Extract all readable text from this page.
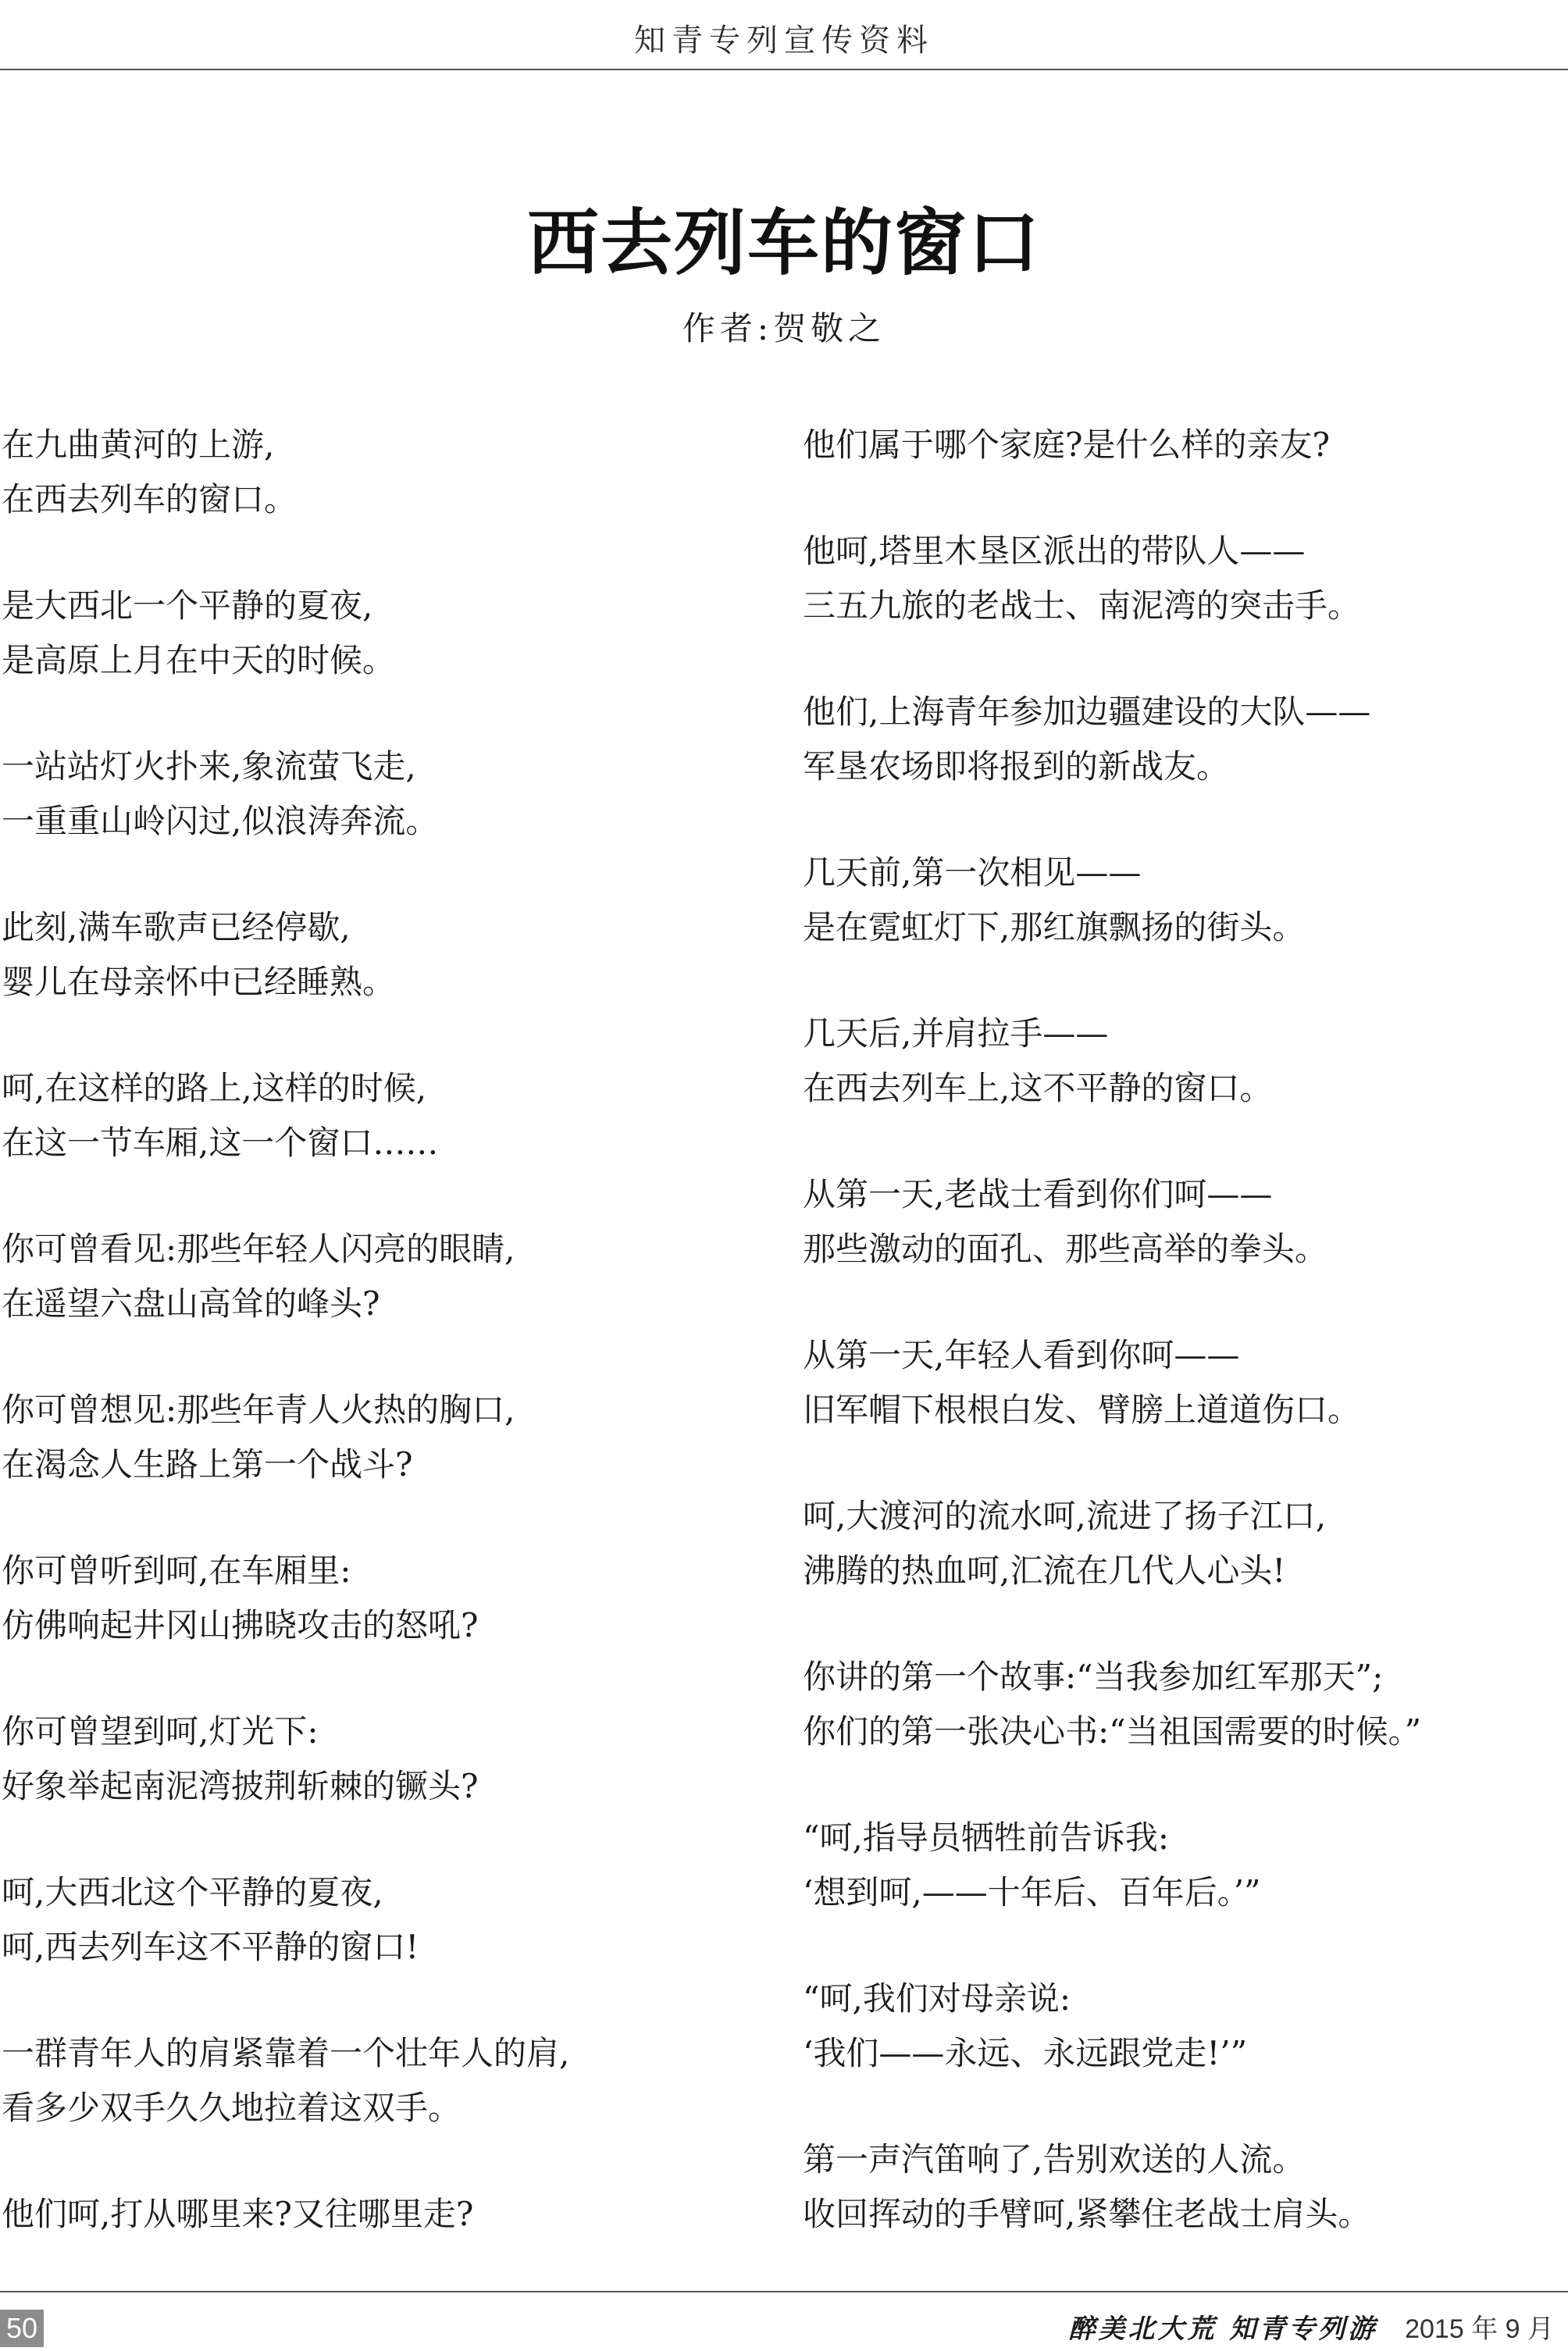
知青专列宣传资料
西去列车的窗口
作者:贺敬之
在九曲黄河的上游,
在西去列车的窗口。
是大西北一个平静的夏夜,
是高原上月在中天的时候。
一站站灯火扑来,象流萤飞走,
一重重山岭闪过,似浪涛奔流。
此刻,满车歌声已经停歇,
婴儿在母亲怀中已经睡熟。
呵,在这样的路上,这样的时候,
在这一节车厢,这一个窗口……
你可曾看见:那些年轻人闪亮的眼睛,
在遥望六盘山高耸的峰头?
你可曾想见:那些年青人火热的胸口,
在渴念人生路上第一个战斗?
你可曾听到呵,在车厢里:
仿佛响起井冈山拂晓攻击的怒吼?
你可曾望到呵,灯光下:
好象举起南泥湾披荆斩棘的镢头?
呵,大西北这个平静的夏夜,
呵,西去列车这不平静的窗口!
一群青年人的肩紧靠着一个壮年人的肩,
看多少双手久久地拉着这双手。
他们呵,打从哪里来?又往哪里走?
他们属于哪个家庭?是什么样的亲友?
他呵,塔里木垦区派出的带队人——
三五九旅的老战士、南泥湾的突击手。
他们,上海青年参加边疆建设的大队——
军垦农场即将报到的新战友。
几天前,第一次相见——
是在霓虹灯下,那红旗飘扬的街头。
几天后,并肩拉手——
在西去列车上,这不平静的窗口。
从第一天,老战士看到你们呵——
那些激动的面孔、那些高举的拳头。
从第一天,年轻人看到你呵——
旧军帽下根根白发、臂膀上道道伤口。
呵,大渡河的流水呵,流进了扬子江口,
沸腾的热血呵,汇流在几代人心头!
你讲的第一个故事:“当我参加红军那天”;
你们的第一张决心书:“当祖国需要的时候。”
“呵,指导员牺牲前告诉我:
‘想到呵,——十年后、百年后。’”
“呵,我们对母亲说:
‘我们——永远、永远跟党走!’”
第一声汽笛响了,告别欢送的人流。
收回挥动的手臂呵,紧攀住老战士肩头。
50	醉美北大荒 知青专列游 2015 年 9 月
